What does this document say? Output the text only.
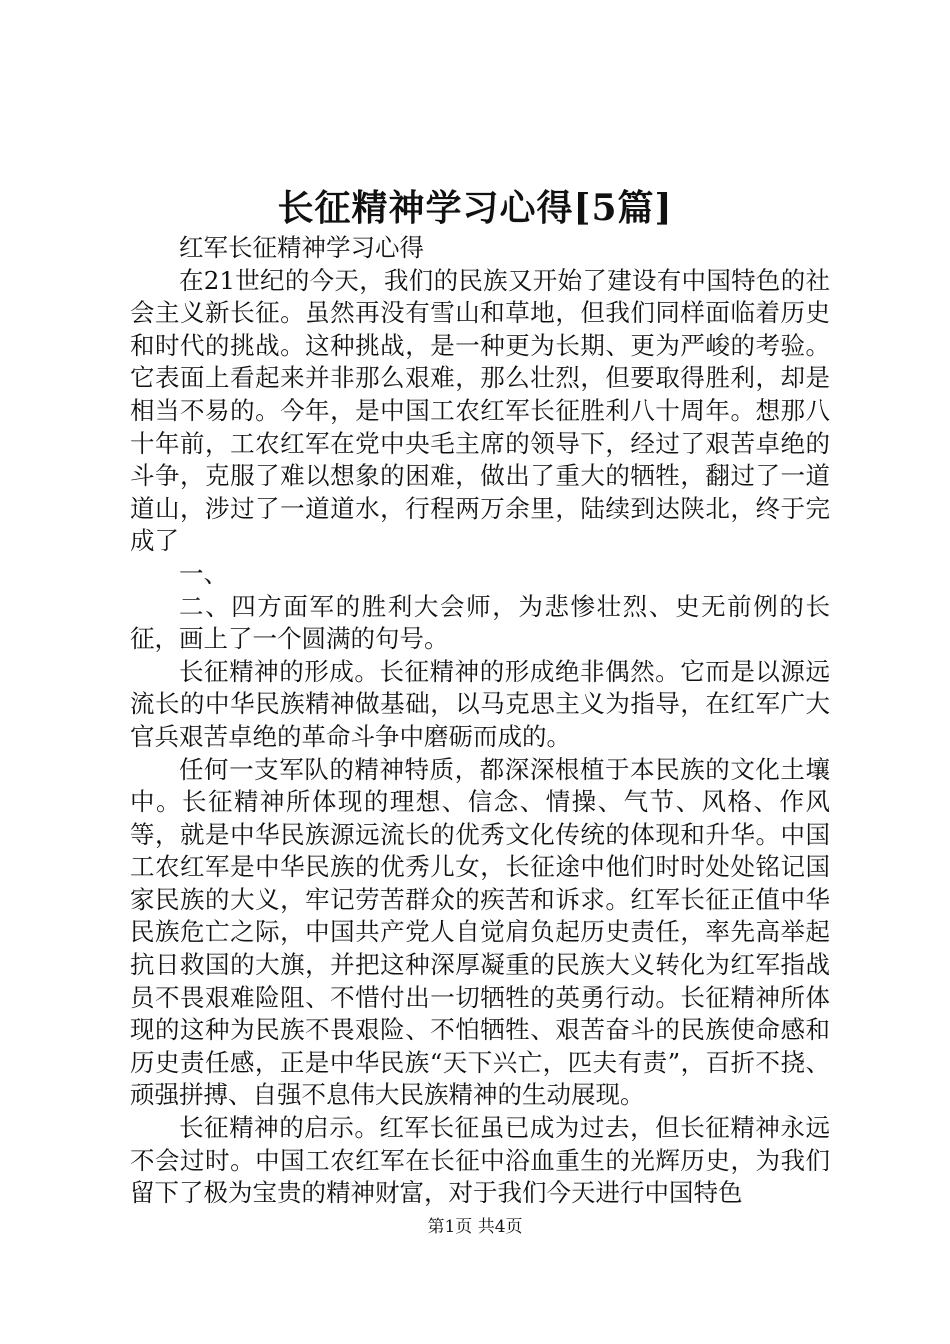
长征精神学习心得[5篇]

红军长征精神学习心得

在21世纪的今天，我们的民族又开始了建设有中国特色的社会主义新长征。虽然再没有雪山和草地，但我们同样面临着历史和时代的挑战。这种挑战，是一种更为长期、更为严峻的考验。它表面上看起来并非那么艰难，那么壮烈，但要取得胜利，却是相当不易的。今年，是中国工农红军长征胜利八十周年。想那八十年前，工农红军在党中央毛主席的领导下，经过了艰苦卓绝的斗争，克服了难以想象的困难，做出了重大的牺牲，翻过了一道道山，涉过了一道道水，行程两万余里，陆续到达陕北，终于完成了

一、

二、四方面军的胜利大会师，为悲惨壮烈、史无前例的长征，画上了一个圆满的句号。

长征精神的形成。长征精神的形成绝非偶然。它而是以源远流长的中华民族精神做基础，以马克思主义为指导，在红军广大官兵艰苦卓绝的革命斗争中磨砺而成的。

任何一支军队的精神特质，都深深根植于本民族的文化土壤中。长征精神所体现的理想、信念、情操、气节、风格、作风等，就是中华民族源远流长的优秀文化传统的体现和升华。中国工农红军是中华民族的优秀儿女，长征途中他们时时处处铭记国家民族的大义，牢记劳苦群众的疾苦和诉求。红军长征正值中华民族危亡之际，中国共产党人自觉肩负起历史责任，率先高举起抗日救国的大旗，并把这种深厚凝重的民族大义转化为红军指战员不畏艰难险阻、不惜付出一切牺牲的英勇行动。长征精神所体现的这种为民族不畏艰险、不怕牺牲、艰苦奋斗的民族使命感和历史责任感，正是中华民族“天下兴亡，匹夫有责”，百折不挠、顽强拼搏、自强不息伟大民族精神的生动展现。

长征精神的启示。红军长征虽已成为过去，但长征精神永远不会过时。中国工农红军在长征中浴血重生的光辉历史，为我们留下了极为宝贵的精神财富，对于我们今天进行中国特色

第1页 共4页
